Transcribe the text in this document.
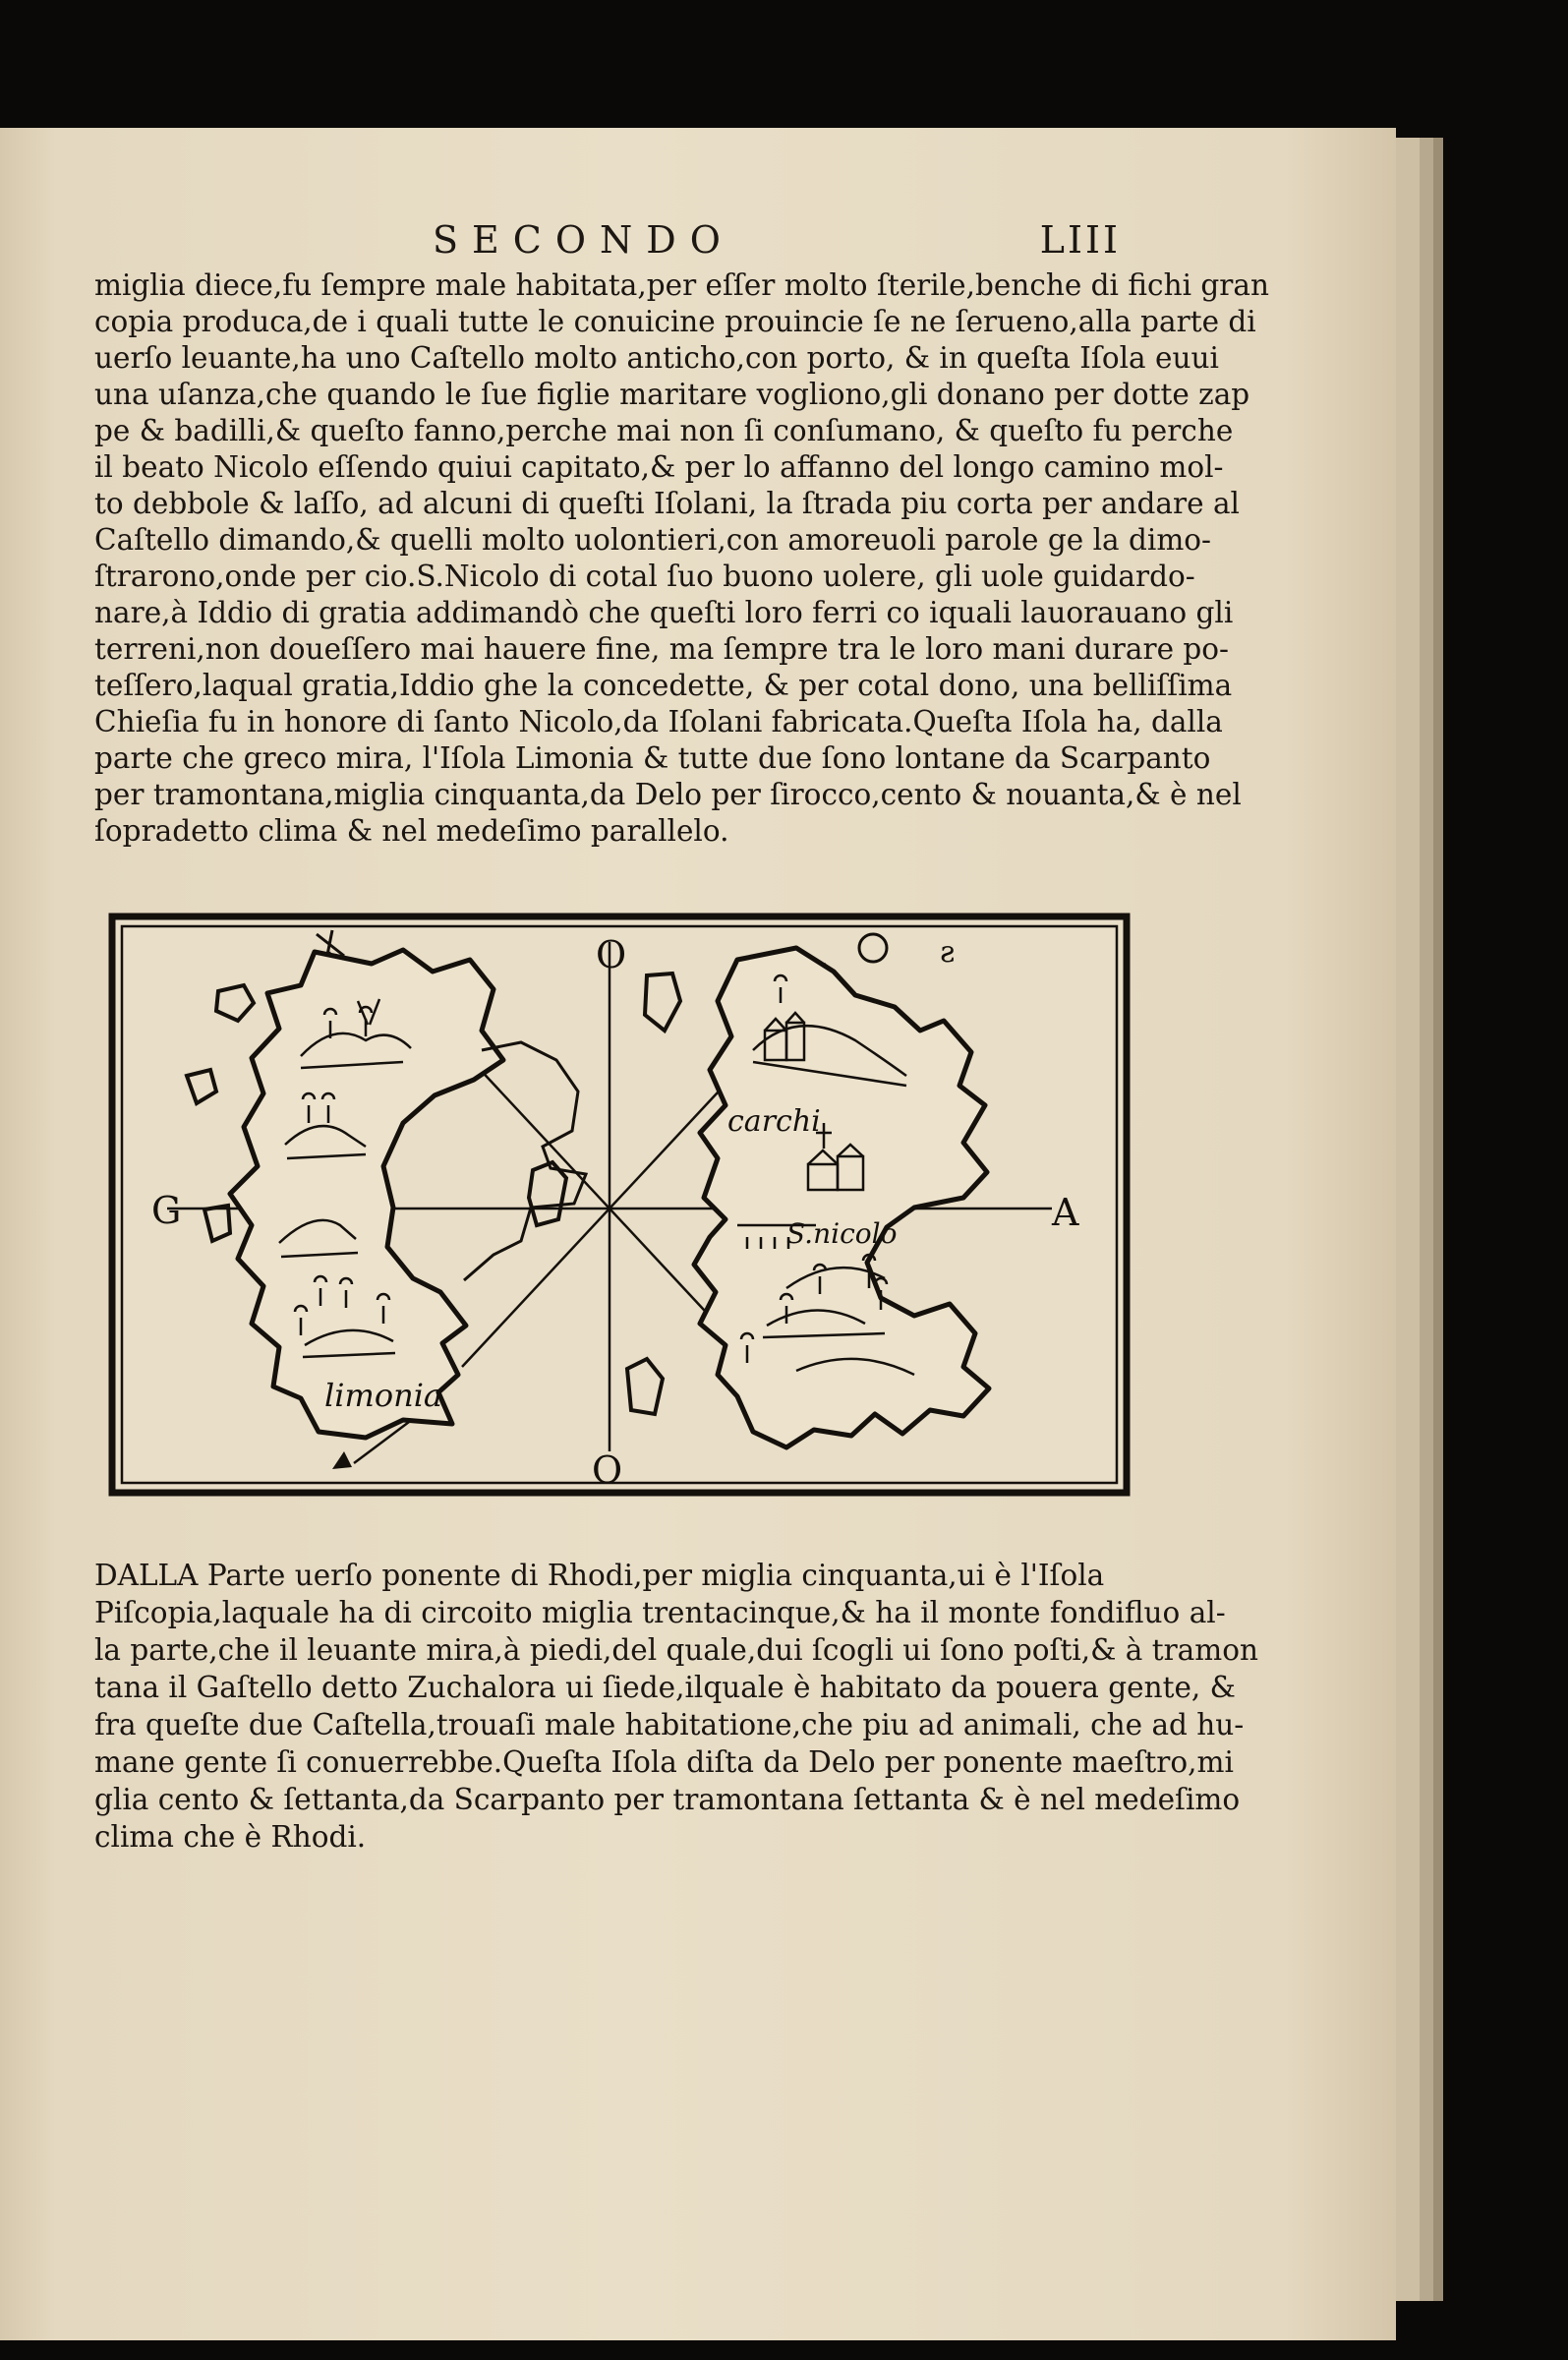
SECONDO	LIII
miglia diece,fu ſempre male habitata,per eſſer molto ſterile,benche di fichi gran
copia produca,de i quali tutte le conuicine prouincie ſe ne ſerueno,alla parte di
uerſo leuante,ha uno Caſtello molto anticho,con porto, & in queſta Iſola euui
una uſanza,che quando le ſue figlie maritare vogliono,gli donano per dotte zap
pe & badilli,& queſto fanno,perche mai non ſi conſumano, & queſto fu perche
il beato Nicolo eſſendo quiui capitato,& per lo affanno del longo camino mol-
to debbole & laſſo, ad alcuni di queſti Iſolani, la ſtrada piu corta per andare al
Caſtello dimando,& quelli molto uolontieri,con amoreuoli parole ge la dimo-
ſtrarono,onde per cio.S.Nicolo di cotal ſuo buono uolere, gli uole guidardo-
nare,à Iddio di gratia addimandò che queſti loro ferri co iquali lauorauano gli
terreni,non doueſſero mai hauere fine, ma ſempre tra le loro mani durare po-
teſſero,laqual gratia,Iddio ghe la concedette, & per cotal dono, una belliſſima
Chieſia fu in honore di ſanto Nicolo,da Iſolani fabricata.Queſta Iſola ha, dalla
parte che greco mira, l'Iſola Limonia & tutte due ſono lontane da Scarpanto
per tramontana,miglia cinquanta,da Delo per ſirocco,cento & nouanta,& è nel
ſopradetto clima & nel medeſimo parallelo.
O
O
G	A
ƨ
limonia
carchi
S.nicolo
DALLA Parte uerſo ponente di Rhodi,per miglia cinquanta,ui è l'Iſola
Piſcopia,laquale ha di circoito miglia trentacinque,& ha il monte fondifluo al-
la parte,che il leuante mira,à piedi,del quale,dui ſcogli ui ſono poſti,& à tramon
tana il Gaſtello detto Zuchalora ui ſiede,ilquale è habitato da pouera gente, &
fra queſte due Caſtella,trouaſi male habitatione,che piu ad animali, che ad hu-
mane gente ſi conuerrebbe.Queſta Iſola diſta da Delo per ponente maeſtro,mi
glia cento & ſettanta,da Scarpanto per tramontana ſettanta & è nel medeſimo
clima che è Rhodi.
